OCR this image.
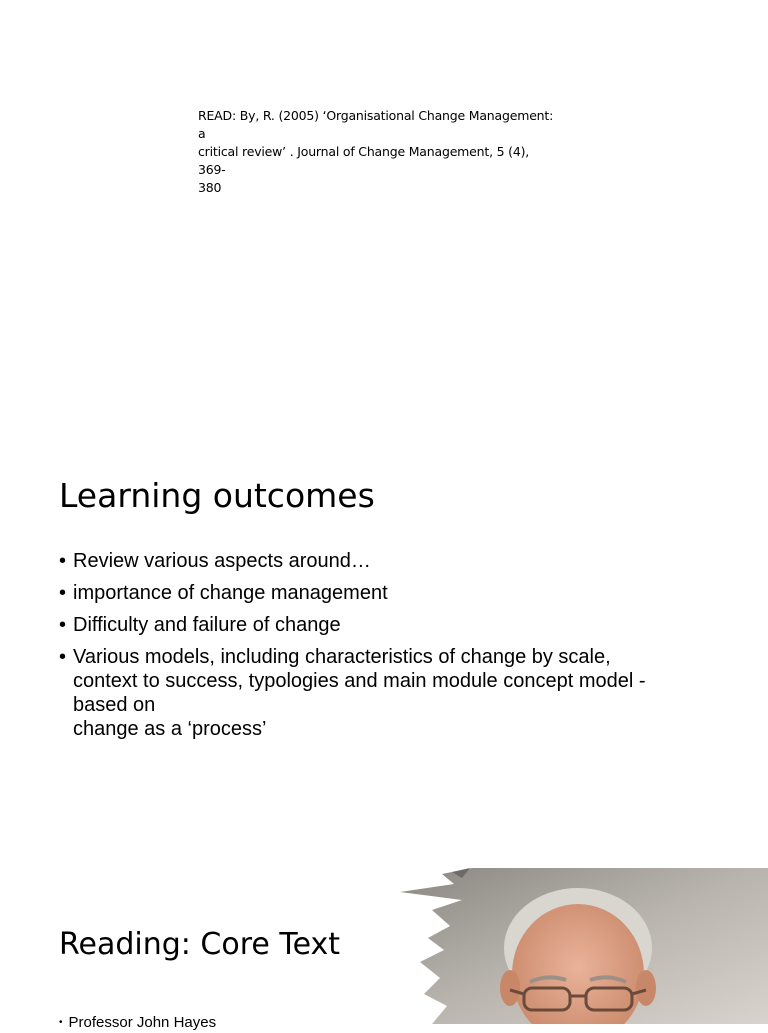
READ: By, R. (2005) ‘Organisational Change Management: a
critical review’ . Journal of Change Management, 5 (4), 369-
380
Learning outcomes
• Review various aspects around…
• importance of change management
• Difficulty and failure of change
• Various models, including characteristics of change by scale,
context to success, typologies and main module concept model -
based on
change as a ‘process’
Reading: Core Text
• Professor John Hayes
